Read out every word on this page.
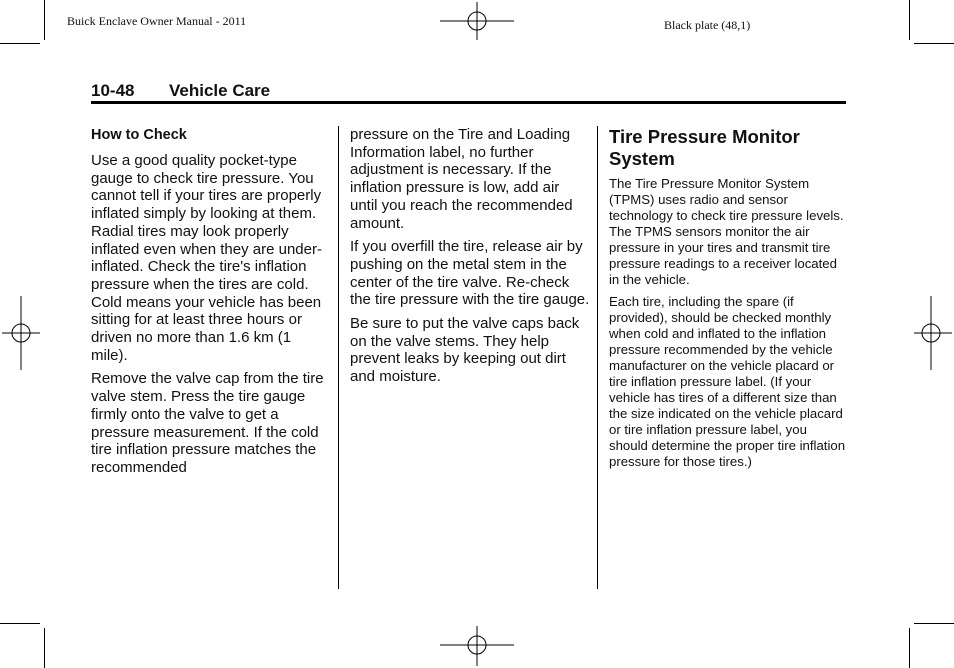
Buick Enclave Owner Manual - 2011	Black plate (48,1)
10-48 Vehicle Care
How to Check

Use a good quality pocket-type gauge to check tire pressure. You cannot tell if your tires are properly inflated simply by looking at them. Radial tires may look properly inflated even when they are under-inflated. Check the tire's inflation pressure when the tires are cold. Cold means your vehicle has been sitting for at least three hours or driven no more than 1.6 km (1 mile).

Remove the valve cap from the tire valve stem. Press the tire gauge firmly onto the valve to get a pressure measurement. If the cold tire inflation pressure matches the recommended

pressure on the Tire and Loading Information label, no further adjustment is necessary. If the inflation pressure is low, add air until you reach the recommended amount.

If you overfill the tire, release air by pushing on the metal stem in the center of the tire valve. Re-check the tire pressure with the tire gauge.

Be sure to put the valve caps back on the valve stems. They help prevent leaks by keeping out dirt and moisture.

Tire Pressure Monitor System

The Tire Pressure Monitor System (TPMS) uses radio and sensor technology to check tire pressure levels. The TPMS sensors monitor the air pressure in your tires and transmit tire pressure readings to a receiver located in the vehicle.

Each tire, including the spare (if provided), should be checked monthly when cold and inflated to the inflation pressure recommended by the vehicle manufacturer on the vehicle placard or tire inflation pressure label. (If your vehicle has tires of a different size than the size indicated on the vehicle placard or tire inflation pressure label, you should determine the proper tire inflation pressure for those tires.)
